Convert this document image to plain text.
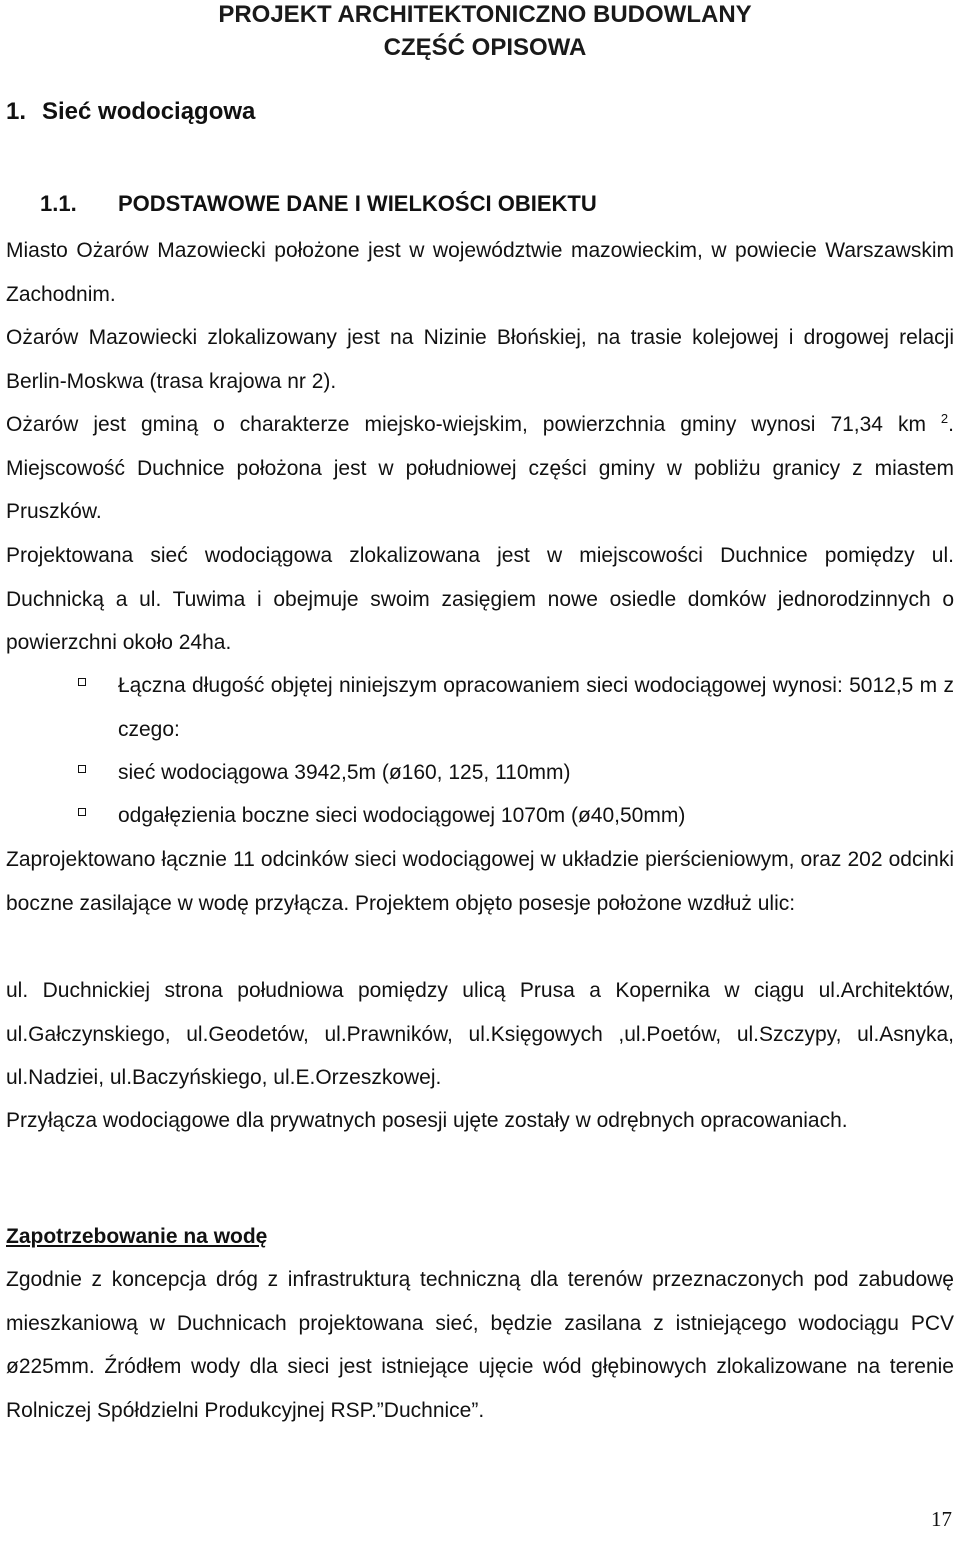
PROJEKT ARCHITEKTONICZNO BUDOWLANY
CZĘŚĆ OPISOWA
1. Sieć wodociągowa
1.1. PODSTAWOWE DANE I WIELKOŚCI OBIEKTU
Miasto Ożarów Mazowiecki położone jest w województwie mazowieckim, w powiecie Warszawskim Zachodnim.
Ożarów Mazowiecki zlokalizowany jest na Nizinie Błońskiej, na trasie kolejowej i drogowej relacji Berlin-Moskwa (trasa krajowa nr 2).
Ożarów jest gminą o charakterze miejsko-wiejskim, powierzchnia gminy wynosi 71,34 km $^2$. Miejscowość Duchnice położona jest w południowej części gminy w pobliżu granicy z miastem Pruszków.
Projektowana sieć wodociągowa zlokalizowana jest w miejscowości Duchnice pomiędzy ul. Duchnicką a ul. Tuwima i obejmuje swoim zasięgiem nowe osiedle domków jednorodzinnych o powierzchni około 24ha.
Łączna długość objętej niniejszym opracowaniem sieci wodociągowej wynosi: 5012,5 m z czego:
sieć wodociągowa 3942,5m (ø160, 125, 110mm)
odgałęzienia boczne sieci wodociągowej 1070m (ø40,50mm)
Zaprojektowano łącznie 11 odcinków sieci wodociągowej w układzie pierścieniowym, oraz 202 odcinki boczne zasilające w wodę przyłącza. Projektem objęto posesje położone wzdłuż ulic:
ul. Duchnickiej strona południowa pomiędzy ulicą Prusa a Kopernika w ciągu ul.Architektów, ul.Gałczynskiego, ul.Geodetów, ul.Prawników, ul.Księgowych ,ul.Poetów, ul.Szczypy, ul.Asnyka, ul.Nadziei, ul.Baczyńskiego, ul.E.Orzeszkowej.
Przyłącza wodociągowe dla prywatnych posesji ujęte zostały w odrębnych opracowaniach.
Zapotrzebowanie na wodę
Zgodnie z koncepcja dróg z infrastrukturą techniczną dla terenów przeznaczonych pod zabudowę mieszkaniową w Duchnicach projektowana sieć, będzie zasilana z istniejącego wodociągu PCV ø225mm. Źródłem wody dla sieci jest istniejące ujęcie wód głębinowych zlokalizowane na terenie Rolniczej Spółdzielni Produkcyjnej RSP.”Duchnice”.
17
